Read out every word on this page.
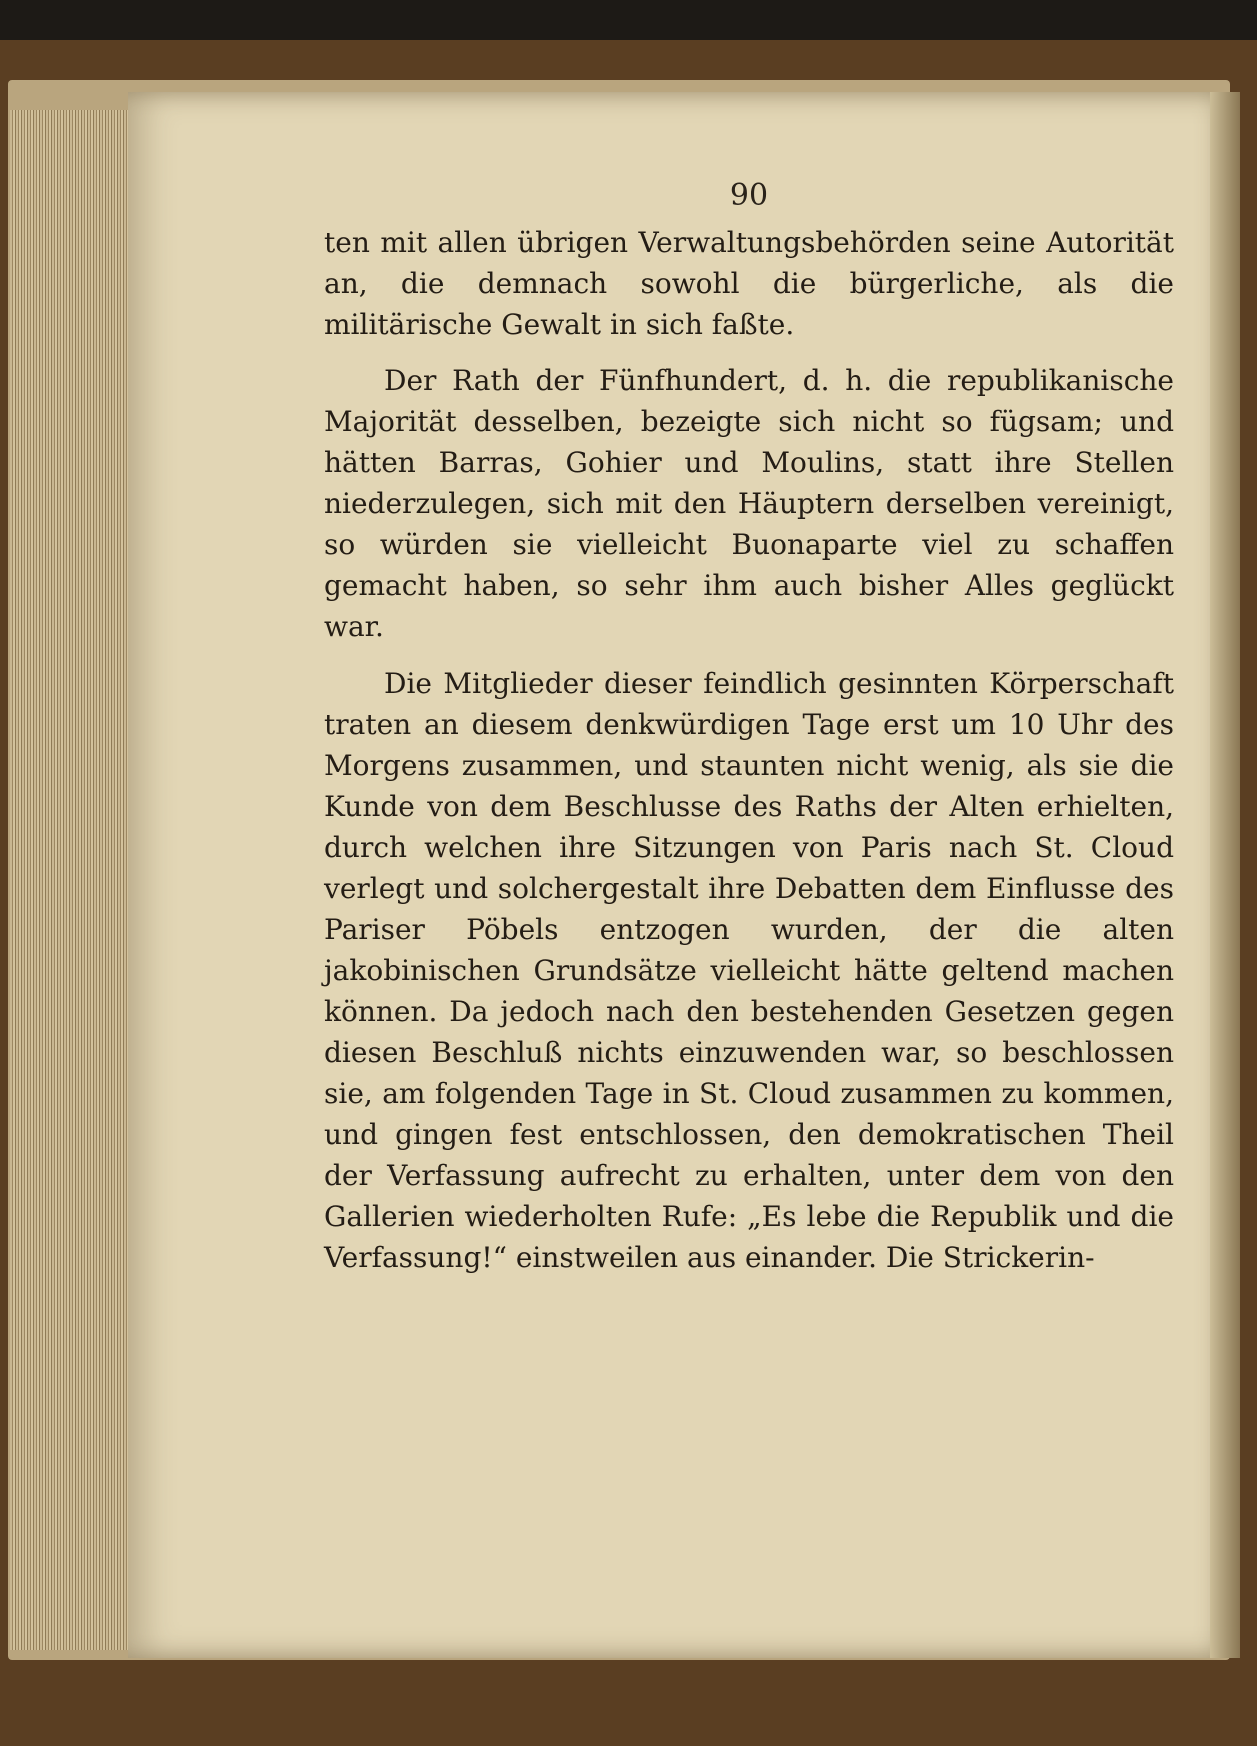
90

ten mit allen übrigen Verwaltungsbehörden seine Autorität an, die demnach sowohl die bürgerliche, als die militärische Gewalt in sich faßte.

Der Rath der Fünfhundert, d. h. die republikanische Majorität desselben, bezeigte sich nicht so fügsam; und hätten Barras, Gohier und Moulins, statt ihre Stellen niederzulegen, sich mit den Häuptern derselben vereinigt, so würden sie vielleicht Buonaparte viel zu schaffen gemacht haben, so sehr ihm auch bisher Alles geglückt war.

Die Mitglieder dieser feindlich gesinnten Körperschaft traten an diesem denkwürdigen Tage erst um 10 Uhr des Morgens zusammen, und staunten nicht wenig, als sie die Kunde von dem Beschlusse des Raths der Alten erhielten, durch welchen ihre Sitzungen von Paris nach St. Cloud verlegt und solchergestalt ihre Debatten dem Einflusse des Pariser Pöbels entzogen wurden, der die alten jakobinischen Grundsätze vielleicht hätte geltend machen können. Da jedoch nach den bestehenden Gesetzen gegen diesen Beschluß nichts einzuwenden war, so beschlossen sie, am folgenden Tage in St. Cloud zusammen zu kommen, und gingen fest entschlossen, den demokratischen Theil der Verfassung aufrecht zu erhalten, unter dem von den Gallerien wiederholten Rufe: „Es lebe die Republik und die Verfassung!“ einstweilen aus einander. Die Strickerin-
